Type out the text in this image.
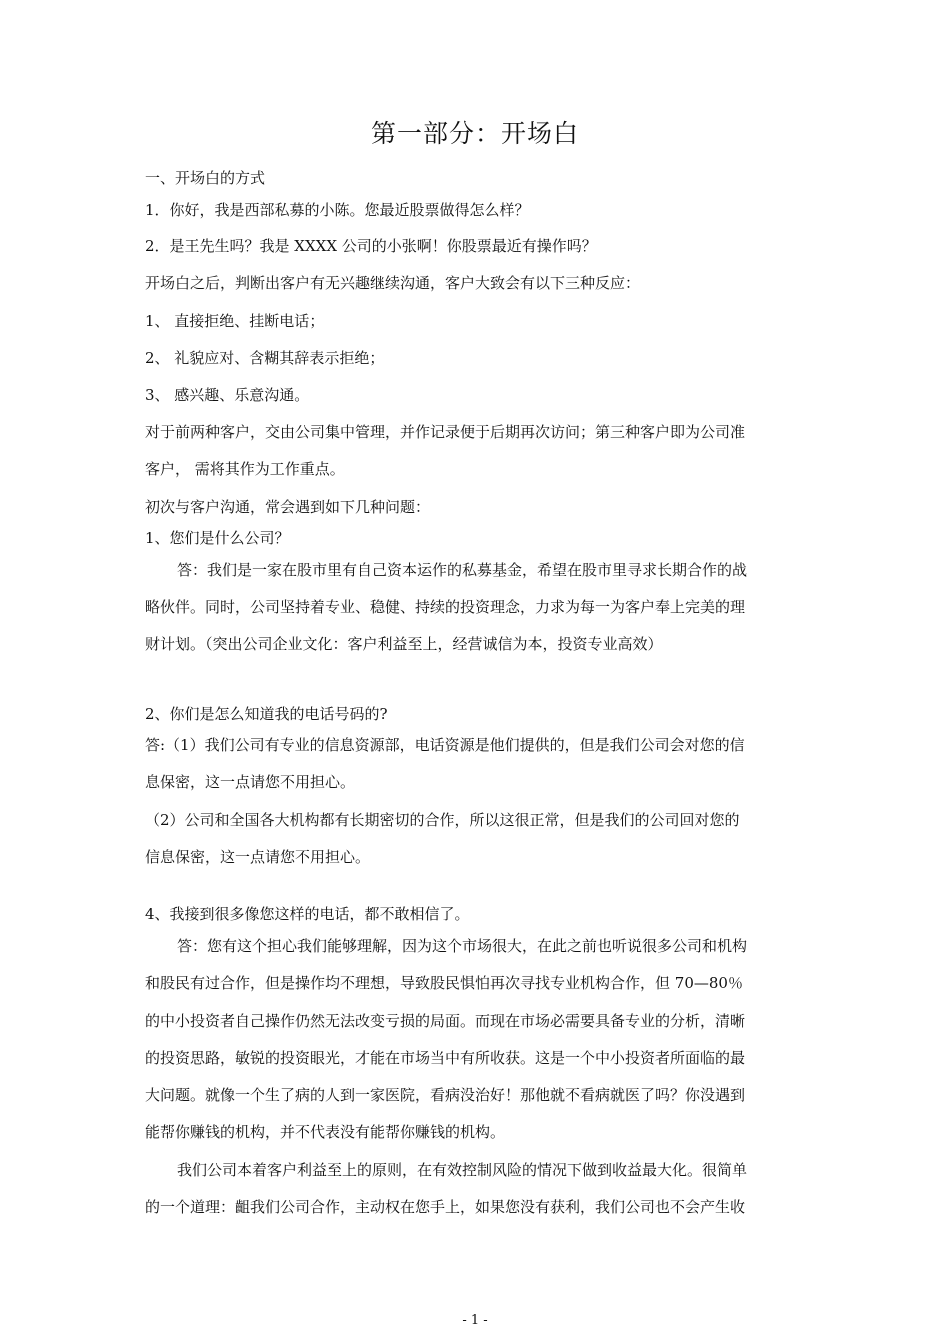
第一部分：开场白
一、开场白的方式
1．你好，我是西部私募的小陈。您最近股票做得怎么样？
2．是王先生吗？我是 XXXX 公司的小张啊！你股票最近有操作吗？
开场白之后，判断出客户有无兴趣继续沟通，客户大致会有以下三种反应：
1、 直接拒绝、挂断电话；
2、 礼貌应对、含糊其辞表示拒绝；
3、 感兴趣、乐意沟通。
对于前两种客户，交由公司集中管理，并作记录便于后期再次访问；第三种客户即为公司准
客户， 需将其作为工作重点。
初次与客户沟通，常会遇到如下几种问题：
1、您们是什么公司？
答：我们是一家在股市里有自己资本运作的私募基金，希望在股市里寻求长期合作的战
略伙伴。同时，公司坚持着专业、稳健、持续的投资理念，力求为每一为客户奉上完美的理
财计划。（突出公司企业文化：客户利益至上，经营诚信为本，投资专业高效）
2、你们是怎么知道我的电话号码的?
答:（1）我们公司有专业的信息资源部，电话资源是他们提供的，但是我们公司会对您的信
息保密，这一点请您不用担心。
（2）公司和全国各大机构都有长期密切的合作，所以这很正常，但是我们的公司回对您的
信息保密，这一点请您不用担心。
4、我接到很多像您这样的电话，都不敢相信了。
答：您有这个担心我们能够理解，因为这个市场很大，在此之前也听说很多公司和机构
和股民有过合作，但是操作均不理想，导致股民惧怕再次寻找专业机构合作，但 70—80％
的中小投资者自己操作仍然无法改变亏损的局面。而现在市场必需要具备专业的分析，清晰
的投资思路，敏锐的投资眼光，才能在市场当中有所收获。这是一个中小投资者所面临的最
大问题。就像一个生了病的人到一家医院，看病没治好！那他就不看病就医了吗？你没遇到
能帮你赚钱的机构，并不代表没有能帮你赚钱的机构。
我们公司本着客户利益至上的原则，在有效控制风险的情况下做到收益最大化。很简单
的一个道理：齟我们公司合作，主动权在您手上，如果您没有获利，我们公司也不会产生收
- 1 -
